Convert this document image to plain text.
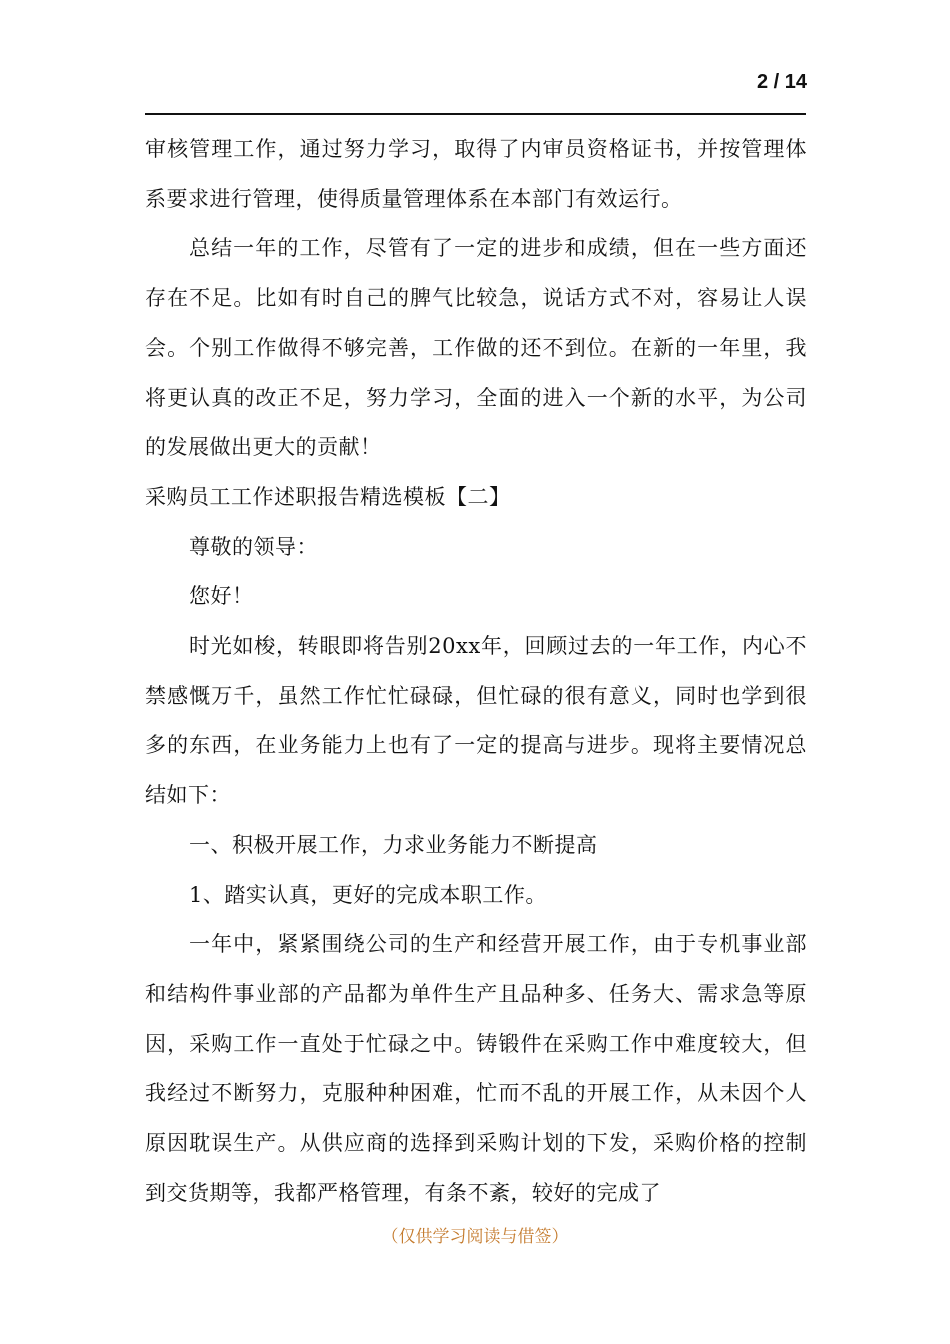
2 / 14

审核管理工作，通过努力学习，取得了内审员资格证书，并按管理体系要求进行管理，使得质量管理体系在本部门有效运行。

总结一年的工作，尽管有了一定的进步和成绩，但在一些方面还存在不足。比如有时自己的脾气比较急，说话方式不对，容易让人误会。个别工作做得不够完善，工作做的还不到位。在新的一年里，我将更认真的改正不足，努力学习，全面的进入一个新的水平，为公司的发展做出更大的贡献！

采购员工工作述职报告精选模板【二】

尊敬的领导：

您好！

时光如梭，转眼即将告别20xx年，回顾过去的一年工作，内心不禁感慨万千，虽然工作忙忙碌碌，但忙碌的很有意义，同时也学到很多的东西，在业务能力上也有了一定的提高与进步。现将主要情况总结如下：

一、积极开展工作，力求业务能力不断提高

1、踏实认真，更好的完成本职工作。

一年中，紧紧围绕公司的生产和经营开展工作，由于专机事业部和结构件事业部的产品都为单件生产且品种多、任务大、需求急等原因，采购工作一直处于忙碌之中。铸锻件在采购工作中难度较大，但我经过不断努力，克服种种困难，忙而不乱的开展工作，从未因个人原因耽误生产。从供应商的选择到采购计划的下发，采购价格的控制到交货期等，我都严格管理，有条不紊，较好的完成了

（仅供学习阅读与借签）
